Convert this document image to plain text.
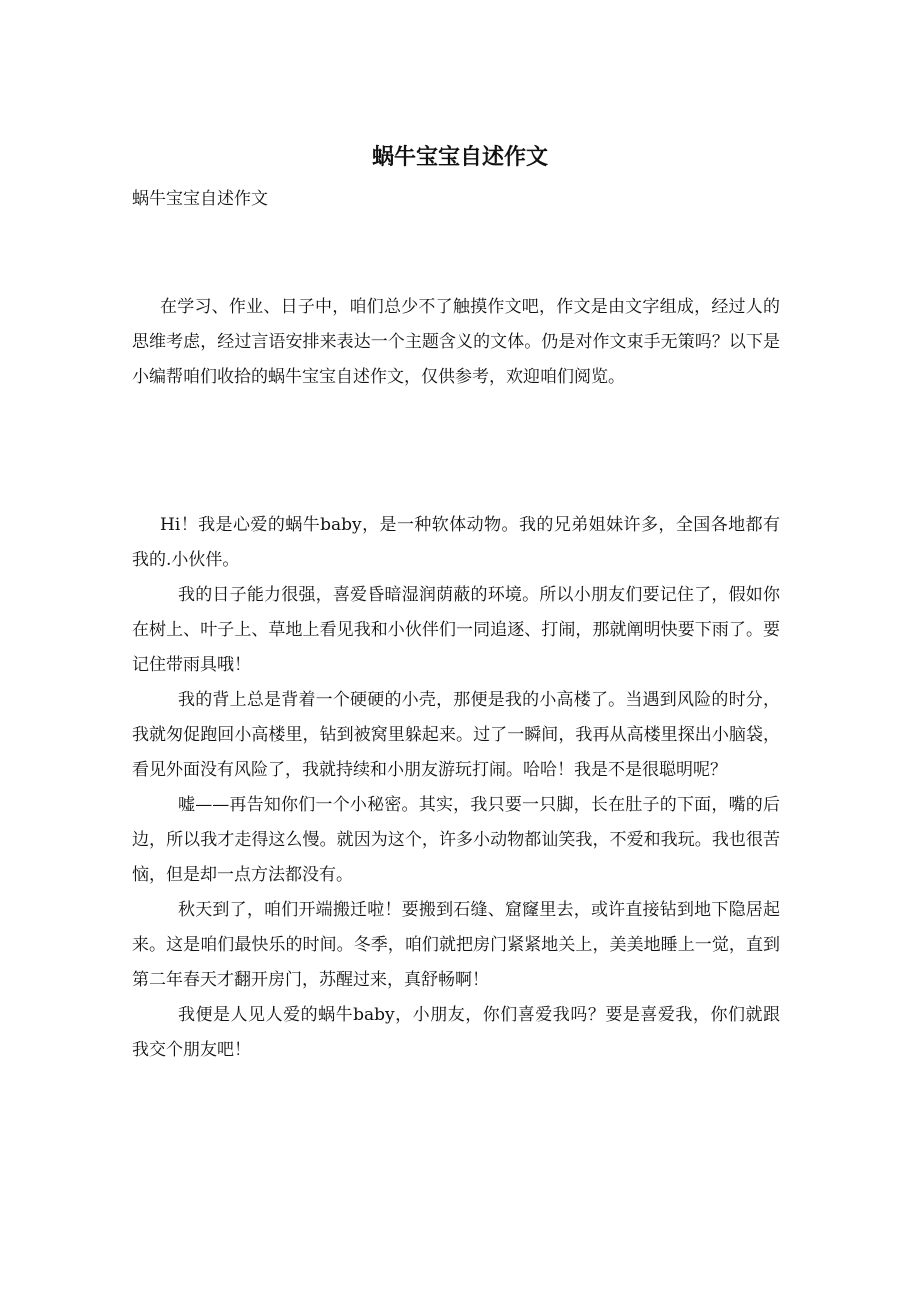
蜗牛宝宝自述作文

蜗牛宝宝自述作文

在学习、作业、日子中，咱们总少不了触摸作文吧，作文是由文字组成，经过人的思维考虑，经过言语安排来表达一个主题含义的文体。仍是对作文束手无策吗？以下是小编帮咱们收拾的蜗牛宝宝自述作文，仅供参考，欢迎咱们阅览。

Hi！我是心爱的蜗牛baby，是一种软体动物。我的兄弟姐妹许多，全国各地都有我的.小伙伴。

我的日子能力很强，喜爱昏暗湿润荫蔽的环境。所以小朋友们要记住了，假如你在树上、叶子上、草地上看见我和小伙伴们一同追逐、打闹，那就阐明快要下雨了。要记住带雨具哦！

我的背上总是背着一个硬硬的小壳，那便是我的小高楼了。当遇到风险的时分，我就匆促跑回小高楼里，钻到被窝里躲起来。过了一瞬间，我再从高楼里探出小脑袋，看见外面没有风险了，我就持续和小朋友游玩打闹。哈哈！我是不是很聪明呢？

嘘——再告知你们一个小秘密。其实，我只要一只脚，长在肚子的下面，嘴的后边，所以我才走得这么慢。就因为这个，许多小动物都讪笑我，不爱和我玩。我也很苦恼，但是却一点方法都没有。

秋天到了，咱们开端搬迁啦！要搬到石缝、窟窿里去，或许直接钻到地下隐居起来。这是咱们最快乐的时间。冬季，咱们就把房门紧紧地关上，美美地睡上一觉，直到第二年春天才翻开房门，苏醒过来，真舒畅啊！

我便是人见人爱的蜗牛baby，小朋友，你们喜爱我吗？要是喜爱我，你们就跟我交个朋友吧！
